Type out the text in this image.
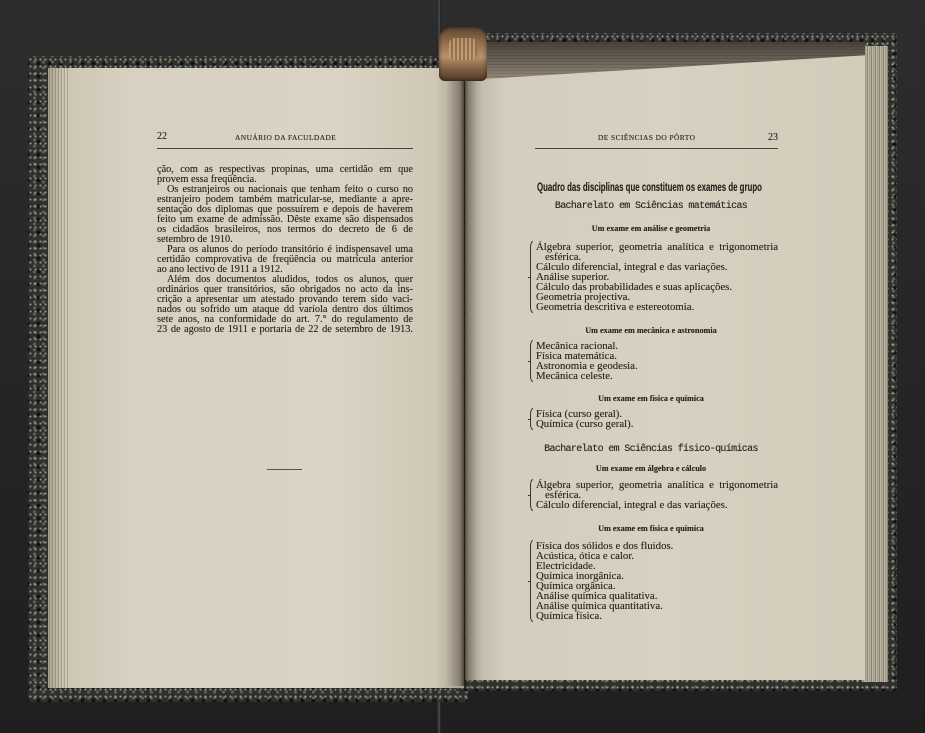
22	ANUÁRIO DA FACULDADE
ção, com as respectivas propinas, uma certidão em que
provem essa freqüência.
Os estranjeiros ou nacionais que tenham feito o curso no
estranjeiro podem também matricular-se, mediante a apre-
sentação dos diplomas que possuírem e depois de haverem
feito um exame de admissão. Dêste exame são dispensados
os cidadãos brasileiros, nos termos do decreto de 6 de
setembro de 1910.
Para os alunos do período transitório é indispensavel uma
certidão comprovativa de freqüência ou matrícula anterior
ao ano lectivo de 1911 a 1912.
Além dos documentos aludidos, todos os alunos, quer
ordinários quer transitórios, são obrigados no acto da ins-
crição a apresentar um atestado provando terem sido vaci-
nados ou sofrido um ataque dd varíola dentro dos últimos
sete anos, na conformidade do art. 7.° do regulamento de
23 de agosto de 1911 e portaria de 22 de setembro de 1913.
23
DE SCIÊNCIAS DO PÔRTO
Quadro das disciplinas que constituem os exames de grupo
Bacharelato em Sciências matemáticas
Um exame em análise e geometria
Álgebra superior, geometria analítica e trigonometria
esférica.
Cálculo diferencial, integral e das variações.
Análise superior.
Cálculo das probabilidades e suas aplicações.
Geometria projectiva.
Geometria descritiva e estereotomia.
Um exame em mecânica e astronomia
Mecânica racional.
Física matemática.
Astronomia e geodesia.
Mecânica celeste.
Um exame em física e química
Física (curso geral).
Química (curso geral).
Bacharelato em Sciências físico-químicas
Um exame em álgebra e cálculo
Álgebra superior, geometria analítica e trigonometria
esférica.
Cálculo diferencial, integral e das variações.
Um exame em física e química
Física dos sólidos e dos fluidos.
Acústica, ótica e calor.
Electricidade.
Química inorgânica.
Química orgânica.
Análise química qualitativa.
Análise química quantitativa.
Química física.
